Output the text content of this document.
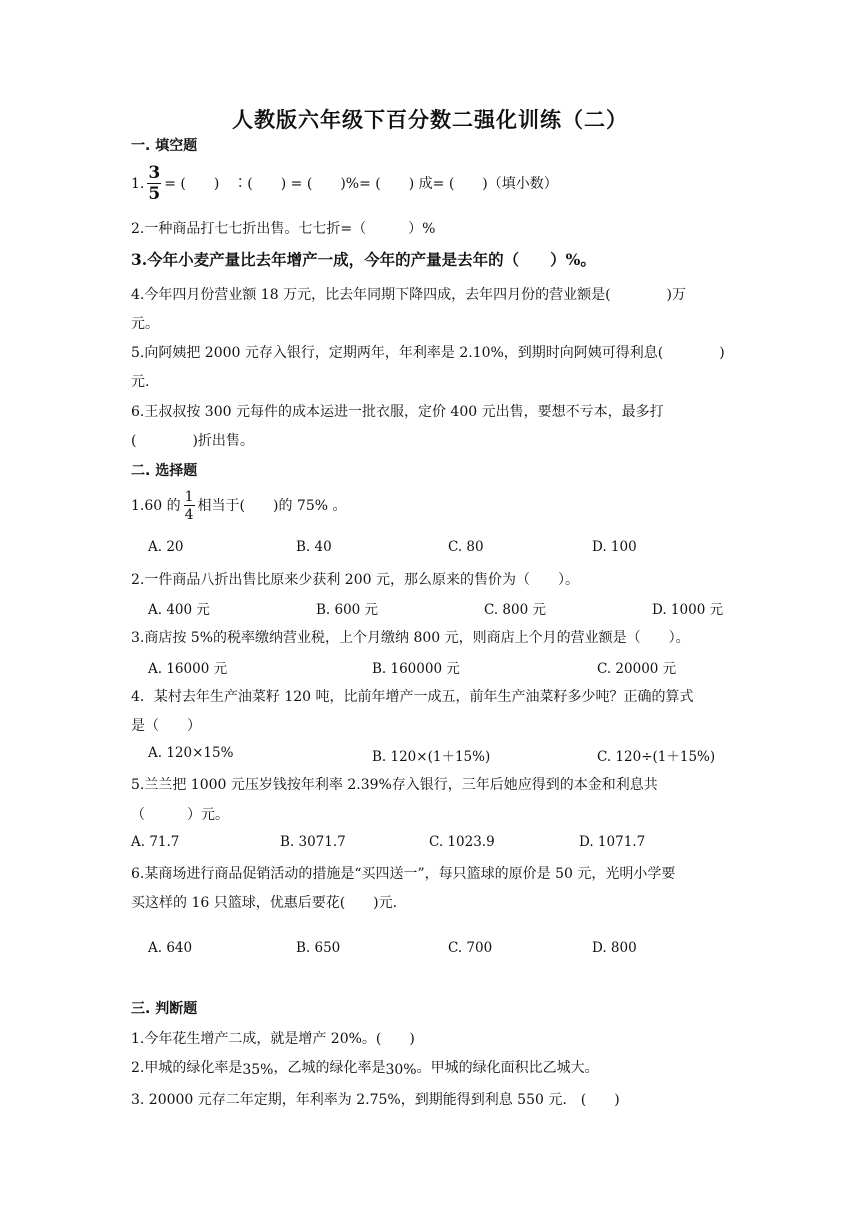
人教版六年级下百分数二强化训练（二）
一. 填空题
1. $\frac{3}{5}$ = (　　)　∶(　　) = (　　)%= (　　) 成= (　　)（填小数）
2.一种商品打七七折出售。七七折=（　　　）%
3.今年小麦产量比去年增产一成，今年的产量是去年的（　　）%。
4.今年四月份营业额 18 万元，比去年同期下降四成，去年四月份的营业额是(　　　　)万
元。
5.向阿姨把 2000 元存入银行，定期两年，年利率是 2.10%，到期时向阿姨可得利息(　　　　)
元.
6.王叔叔按 300 元每件的成本运进一批衣服，定价 400 元出售，要想不亏本，最多打
(　　　　)折出售。
二. 选择题
1.60 的 $\frac{1}{4}$ 相当于(　　)的 75% 。
A. 20	B. 40	C. 80	D. 100
2.一件商品八折出售比原来少获利 200 元，那么原来的售价为（　　）。
A. 400 元	B. 600 元	C. 800 元	D. 1000 元
3.商店按 5%的税率缴纳营业税，上个月缴纳 800 元，则商店上个月的营业额是（　　）。
A. 16000 元	B. 160000 元	C. 20000 元
4．某村去年生产油菜籽 120 吨，比前年增产一成五，前年生产油菜籽多少吨？正确的算式
是（　　）
A. 120×15%	B. 120×(1＋15%)	C. 120÷(1＋15%)
5.兰兰把 1000 元压岁钱按年利率 2.39%存入银行，三年后她应得到的本金和利息共
（　　　）元。
A. 71.7	B. 3071.7	C. 1023.9	D. 1071.7
6.某商场进行商品促销活动的措施是“买四送一”，每只篮球的原价是 50 元，光明小学要
买这样的 16 只篮球，优惠后要花(　　)元.
A. 640	B. 650	C. 700	D. 800
三. 判断题
1.今年花生增产二成，就是增产 20%。(　　)
2.甲城的绿化率是35%，乙城的绿化率是30%。甲城的绿化面积比乙城大。
3. 20000 元存二年定期，年利率为 2.75%，到期能得到利息 550 元.　(　　)
